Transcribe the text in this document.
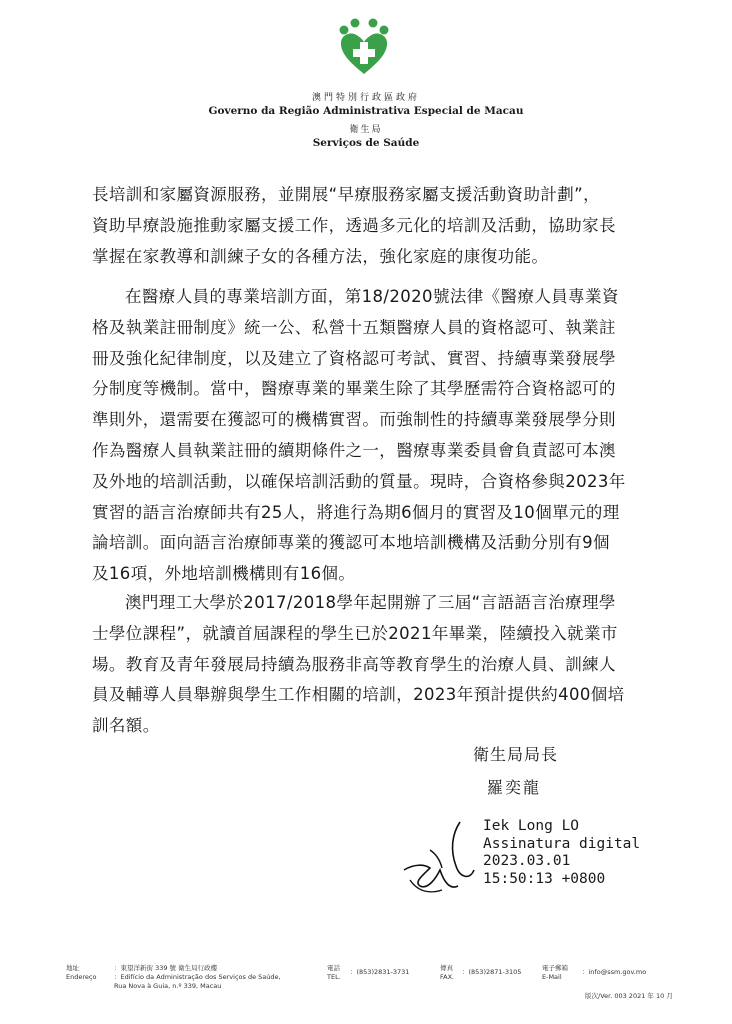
澳門特別行政區政府
Governo da Região Administrativa Especial de Macau
衛生局
Serviços de Saúde

長培訓和家屬資源服務，並開展“早療服務家屬支援活動資助計劃”，

資助早療設施推動家屬支援工作，透過多元化的培訓及活動，協助家長

掌握在家教導和訓練子女的各種方法，強化家庭的康復功能。

在醫療人員的專業培訓方面，第18/2020號法律《醫療人員專業資

格及執業註冊制度》統一公、私營十五類醫療人員的資格認可、執業註

冊及強化紀律制度，以及建立了資格認可考試、實習、持續專業發展學

分制度等機制。當中，醫療專業的畢業生除了其學歷需符合資格認可的

準則外，還需要在獲認可的機構實習。而強制性的持續專業發展學分則

作為醫療人員執業註冊的續期條件之一，醫療專業委員會負責認可本澳

及外地的培訓活動，以確保培訓活動的質量。現時，合資格參與2023年

實習的語言治療師共有25人，將進行為期6個月的實習及10個單元的理

論培訓。面向語言治療師專業的獲認可本地培訓機構及活動分別有9個

及16項，外地培訓機構則有16個。

澳門理工大學於2017/2018學年起開辦了三屆“言語語言治療理學

士學位課程”，就讀首屆課程的學生已於2021年畢業，陸續投入就業市

場。教育及青年發展局持續為服務非高等教育學生的治療人員、訓練人

員及輔導人員舉辦與學生工作相關的培訓，2023年預計提供約400個培

訓名額。

衛生局局長
羅奕龍
Iek Long LO
Assinatura digital
2023.03.01
15:50:13 +0800
地址
Endereço
：東望洋新街 339 號 衛生局行政樓
：Edifício da Administração dos Serviços de Saúde, Rua Nova à Guia, n.º 339, Macau
電話
TEL.
：(853)2831-3731	傳真
FAX.
：(853)2871-3105	電子郵箱
E-Mail
：info@ssm.gov.mo
版次/Ver. 003 2021 年 10 月
